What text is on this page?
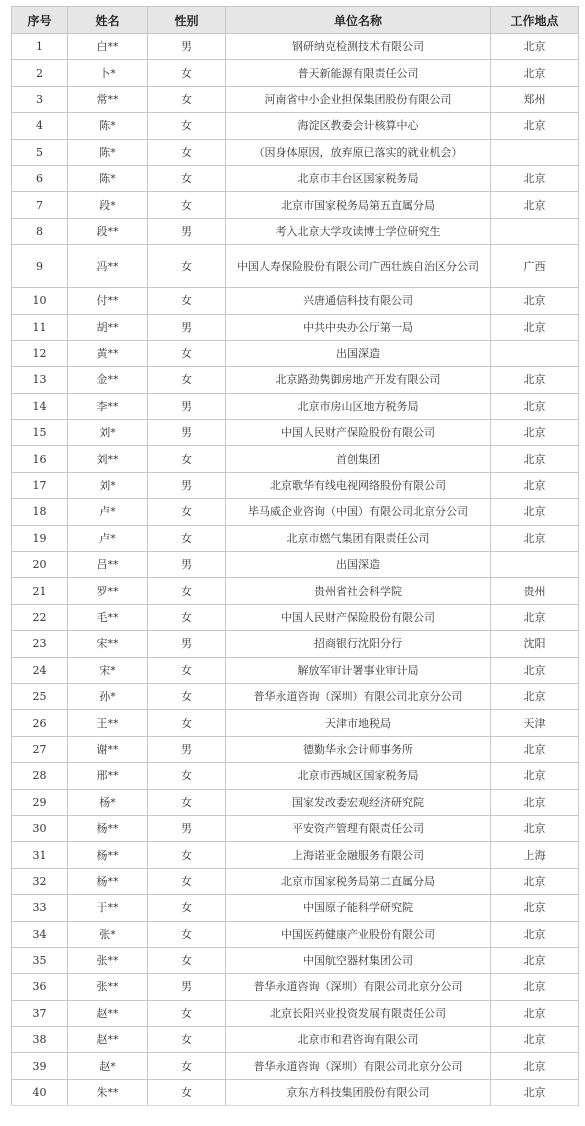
序号	姓名	性别	单位名称	工作地点
1	白**	男	钢研纳克检测技术有限公司	北京
2	卜*	女	普天新能源有限责任公司	北京
3	常**	女	河南省中小企业担保集团股份有限公司	郑州
4	陈*	女	海淀区教委会计核算中心	北京
5	陈*	女	（因身体原因，放弃原已落实的就业机会）	
6	陈*	女	北京市丰台区国家税务局	北京
7	段*	女	北京市国家税务局第五直属分局	北京
8	段**	男	考入北京大学攻读博士学位研究生	
9	冯**	女	中国人寿保险股份有限公司广西壮族自治区分公司	广西
10	付**	女	兴唐通信科技有限公司	北京
11	胡**	男	中共中央办公厅第一局	北京
12	黄**	女	出国深造	
13	金**	女	北京路劲隽御房地产开发有限公司	北京
14	李**	男	北京市房山区地方税务局	北京
15	刘*	男	中国人民财产保险股份有限公司	北京
16	刘**	女	首创集团	北京
17	刘*	男	北京歌华有线电视网络股份有限公司	北京
18	卢*	女	毕马威企业咨询（中国）有限公司北京分公司	北京
19	卢*	女	北京市燃气集团有限责任公司	北京
20	吕**	男	出国深造	
21	罗**	女	贵州省社会科学院	贵州
22	毛**	女	中国人民财产保险股份有限公司	北京
23	宋**	男	招商银行沈阳分行	沈阳
24	宋*	女	解放军审计署事业审计局	北京
25	孙*	女	普华永道咨询（深圳）有限公司北京分公司	北京
26	王**	女	天津市地税局	天津
27	谢**	男	德勤华永会计师事务所	北京
28	邢**	女	北京市西城区国家税务局	北京
29	杨*	女	国家发改委宏观经济研究院	北京
30	杨**	男	平安资产管理有限责任公司	北京
31	杨**	女	上海诺亚金融服务有限公司	上海
32	杨**	女	北京市国家税务局第二直属分局	北京
33	于**	女	中国原子能科学研究院	北京
34	张*	女	中国医药健康产业股份有限公司	北京
35	张**	女	中国航空器材集团公司	北京
36	张**	男	普华永道咨询（深圳）有限公司北京分公司	北京
37	赵**	女	北京长阳兴业投资发展有限责任公司	北京
38	赵**	女	北京市和君咨询有限公司	北京
39	赵*	女	普华永道咨询（深圳）有限公司北京分公司	北京
40	朱**	女	京东方科技集团股份有限公司	北京
